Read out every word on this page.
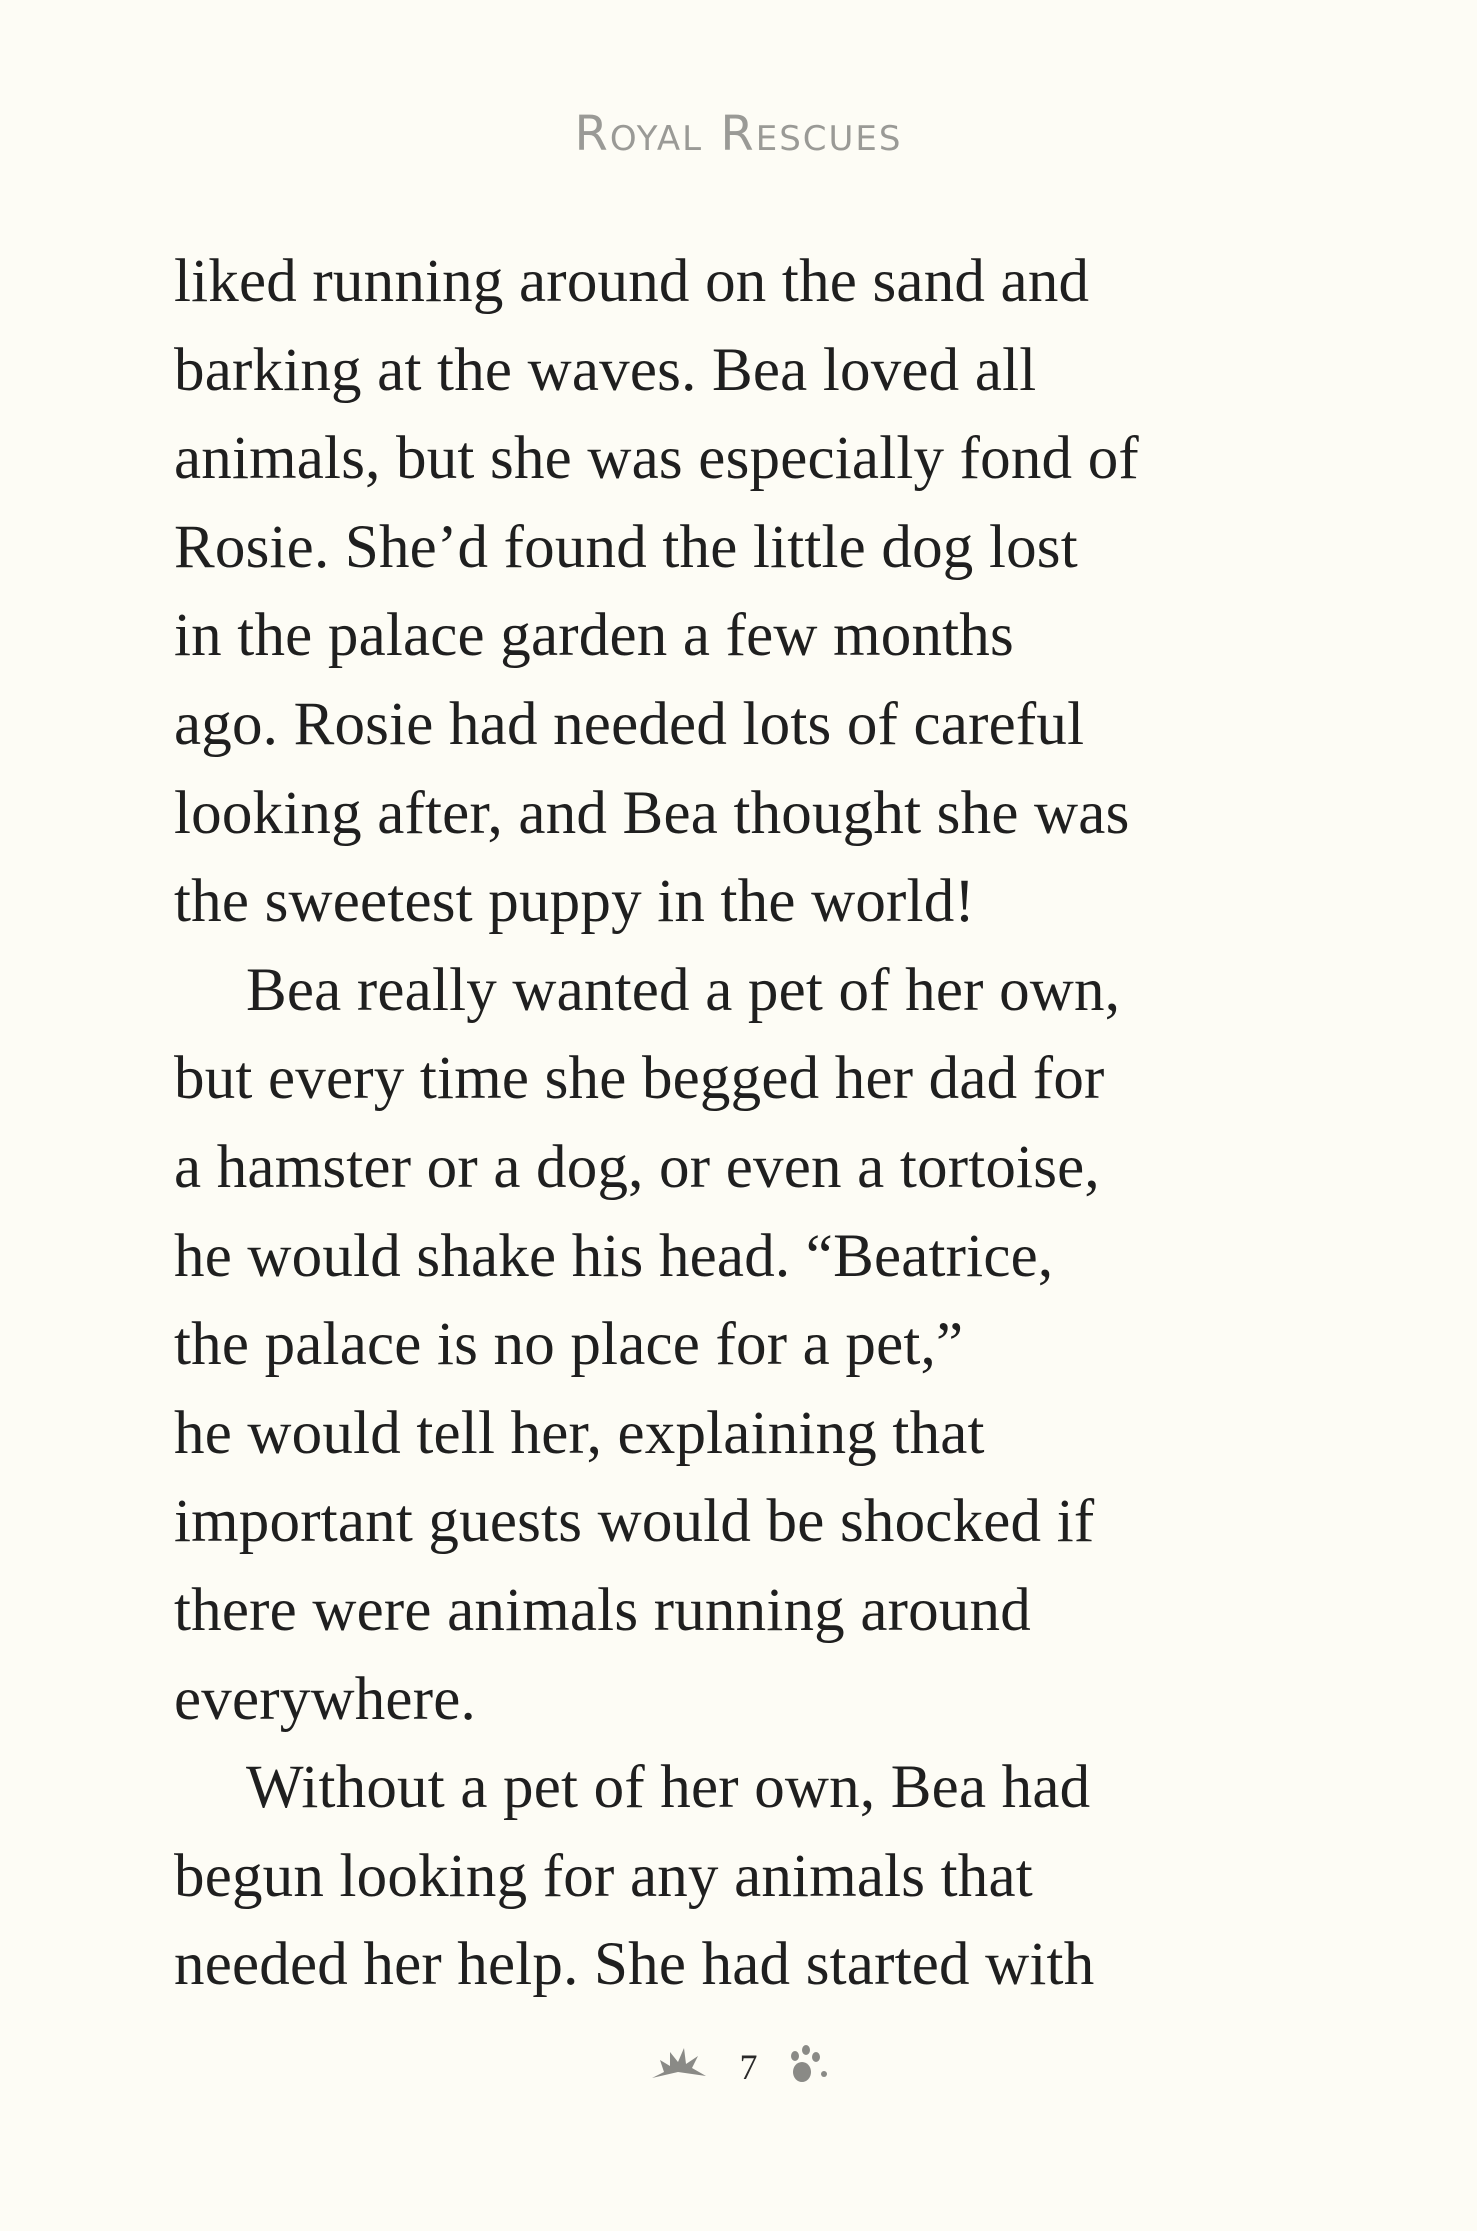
Royal Rescues
liked running around on the sand and
barking at the waves. Bea loved all
animals, but she was especially fond of
Rosie. She’d found the little dog lost
in the palace garden a few months
ago. Rosie had needed lots of careful
looking after, and Bea thought she was
the sweetest puppy in the world!
Bea really wanted a pet of her own,
but every time she begged her dad for
a hamster or a dog, or even a tortoise,
he would shake his head. “Beatrice,
the palace is no place for a pet,”
he would tell her, explaining that
important guests would be shocked if
there were animals running around
everywhere.
Without a pet of her own, Bea had
begun looking for any animals that
needed her help. She had started with
7
